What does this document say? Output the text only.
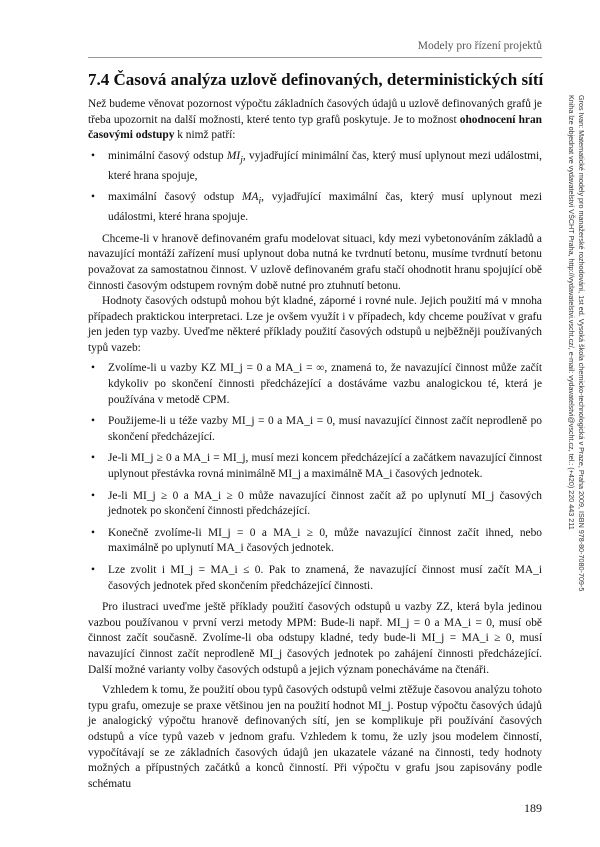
Modely pro řízení projektů
7.4 Časová analýza uzlově definovaných, deterministických sítí

Než budeme věnovat pozornost výpočtu základních časových údajů u uzlově definovaných grafů je třeba upozornit na další možnosti, které tento typ grafů poskytuje. Je to možnost ohodnocení hran časovými odstupy k nimž patří:

• minimální časový odstup $MI_j$, vyjadřující minimální čas, který musí uplynout mezi událostmi, které hrana spojuje,
• maximální časový odstup $MA_i$, vyjadřující maximální čas, který musí uplynout mezi událostmi, které hrana spojuje.

Chceme-li v hranově definovaném grafu modelovat situaci, kdy mezi vybetonováním základů a navazující montáží zařízení musí uplynout doba nutná ke tvrdnutí betonu, musíme tvrdnutí betonu považovat za samostatnou činnost. V uzlově definovaném grafu stačí ohodnotit hranu spojující obě činnosti časovým odstupem rovným době nutné pro ztuhnutí betonu.

Hodnoty časových odstupů mohou být kladné, záporné i rovné nule. Jejich použití má v mnoha případech praktickou interpretaci. Lze je ovšem využít i v případech, kdy chceme používat v grafu jen jeden typ vazby. Uveďme některé příklady použití časových odstupů u nejběžněji používaných typů vazeb:

• Zvolíme-li u vazby KZ MI_j = 0 a MA_i = ∞, znamená to, že navazující činnost může začít kdykoliv po skončení činnosti předcházející a dostáváme vazbu analogickou té, která je používána v metodě CPM.
• Použijeme-li u téže vazby MI_j = 0 a MA_i = 0, musí navazující činnost začít neprodleně po skončení předcházející.
• Je-li MI_j ≥ 0 a MA_i = MI_j, musí mezi koncem předcházející a začátkem navazující činnost uplynout přestávka rovná minimálně MI_j a maximálně MA_i časových jednotek.
• Je-li MI_j ≥ 0 a MA_i ≥ 0 může navazující činnost začít až po uplynutí MI_j časových jednotek po skončení činnosti předcházející.
• Konečně zvolíme-li MI_j = 0 a MA_i ≥ 0, může navazující činnost začít ihned, nebo maximálně po uplynutí MA_i časových jednotek.
• Lze zvolit i MI_j = MA_i ≤ 0. Pak to znamená, že navazující činnost musí začít MA_i časových jednotek před skončením předcházející činnosti.

Pro ilustraci uveďme ještě příklady použití časových odstupů u vazby ZZ, která byla jedinou vazbou používanou v první verzi metody MPM: Bude-li např. MI_j = 0 a MA_i = 0, musí obě činnost začít současně. Zvolíme-li oba odstupy kladné, tedy bude-li MI_j = MA_i ≥ 0, musí navazující činnost začít neprodleně MI_j časových jednotek po zahájení činnosti předcházející. Další možné varianty volby časových odstupů a jejich význam ponecháváme na čtenáři.

Vzhledem k tomu, že použití obou typů časových odstupů velmi ztěžuje časovou analýzu tohoto typu grafu, omezuje se praxe většinou jen na použití hodnot MI_j. Postup výpočtu časových údajů je analogický výpočtu hranově definovaných sítí, jen se komplikuje při používání časových odstupů a více typů vazeb v jednom grafu. Vzhledem k tomu, že uzly jsou modelem činností, vypočítávají se ze základních časových údajů jen ukazatele vázané na činnosti, tedy hodnoty možných a přípustných začátků a konců činností. Při výpočtu v grafu jsou zapisovány podle schématu

Gros Ivan: Matematické modely pro manažerské rozhodování, 1st ed. Vysoká škola chemicko-technologická v Praze, Praha 2009, ISBN 978-80-7080-709-5
Kniha lze objednat ve vydavatelství VŠCHT Praha, http://vydavatelstvi.vscht.cz/, e-mail: vydavatelstvi@vscht.cz, tel.: (+420) 220 443 211
189
